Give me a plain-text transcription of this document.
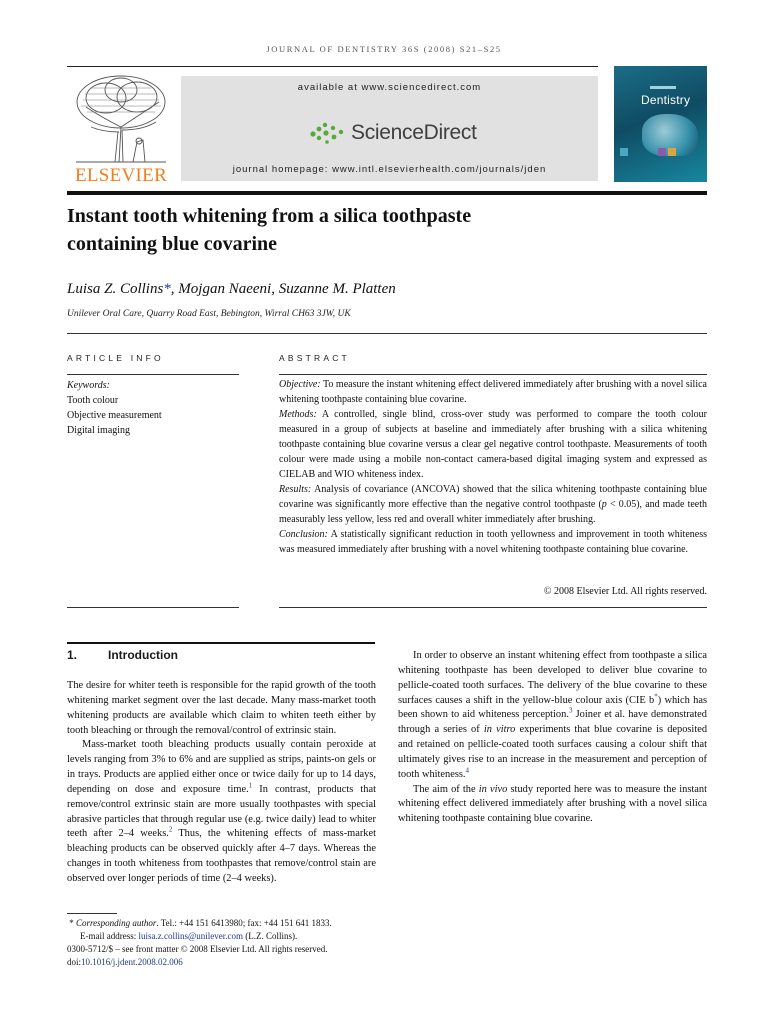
JOURNAL OF DENTISTRY 36S (2008) S21–S25
ELSEVIER
available at www.sciencedirect.com
ScienceDirect
journal homepage: www.intl.elsevierhealth.com/journals/jden
Dentistry
Instant tooth whitening from a silica toothpaste
containing blue covarine
Luisa Z. Collins*, Mojgan Naeeni, Suzanne M. Platten
Unilever Oral Care, Quarry Road East, Bebington, Wirral CH63 3JW, UK
ARTICLE INFO	ABSTRACT
Keywords:
Tooth colour
Objective measurement
Digital imaging

Objective: To measure the instant whitening effect delivered immediately after brushing with a novel silica whitening toothpaste containing blue covarine.

Methods: A controlled, single blind, cross-over study was performed to compare the tooth colour measured in a group of subjects at baseline and immediately after brushing with a silica whitening toothpaste containing blue covarine versus a clear gel negative control toothpaste. Measurements of tooth colour were made using a mobile non-contact camera-based digital imaging system and expressed as CIELAB and WIO whiteness index.

Results: Analysis of covariance (ANCOVA) showed that the silica whitening toothpaste containing blue covarine was significantly more effective than the negative control toothpaste (p < 0.05), and made teeth measurably less yellow, less red and overall whiter immediately after brushing.

Conclusion: A statistically significant reduction in tooth yellowness and improvement in tooth whiteness was measured immediately after brushing with a novel whitening toothpaste containing blue covarine.

© 2008 Elsevier Ltd. All rights reserved.
1.	Introduction

The desire for whiter teeth is responsible for the rapid growth of the tooth whitening market segment over the last decade. Many mass-market tooth whitening products are available which claim to whiten teeth either by tooth bleaching or through the removal/control of extrinsic stain.

Mass-market tooth bleaching products usually contain peroxide at levels ranging from 3% to 6% and are supplied as strips, paints-on gels or in trays. Products are applied either once or twice daily for up to 14 days, depending on dose and exposure time.$^1$ In contrast, products that remove/control extrinsic stain are more usually toothpastes with special abrasive particles that through regular use (e.g. twice daily) lead to whiter teeth after 2–4 weeks.$^2$ Thus, the whitening effects of mass-market bleaching products can be observed quickly after 4–7 days. Whereas the changes in tooth whiteness from toothpastes that remove/control stain are observed over longer periods of time (2–4 weeks).

In order to observe an instant whitening effect from toothpaste a silica whitening toothpaste has been developed to deliver blue covarine to pellicle-coated tooth surfaces. The delivery of the blue covarine to these surfaces causes a shift in the yellow-blue colour axis (CIE b*) which has been shown to aid whiteness perception.$^3$ Joiner et al. have demonstrated through a series of in vitro experiments that blue covarine is deposited and retained on pellicle-coated tooth surfaces causing a colour shift that ultimately gives rise to an increase in the measurement and perception of tooth whiteness.$^4$

The aim of the in vivo study reported here was to measure the instant whitening effect delivered immediately after brushing with a novel silica whitening toothpaste containing blue covarine.

* Corresponding author. Tel.: +44 151 6413980; fax: +44 151 641 1833.
E-mail address: luisa.z.collins@unilever.com (L.Z. Collins).
0300-5712/$ – see front matter © 2008 Elsevier Ltd. All rights reserved.
doi:10.1016/j.jdent.2008.02.006
